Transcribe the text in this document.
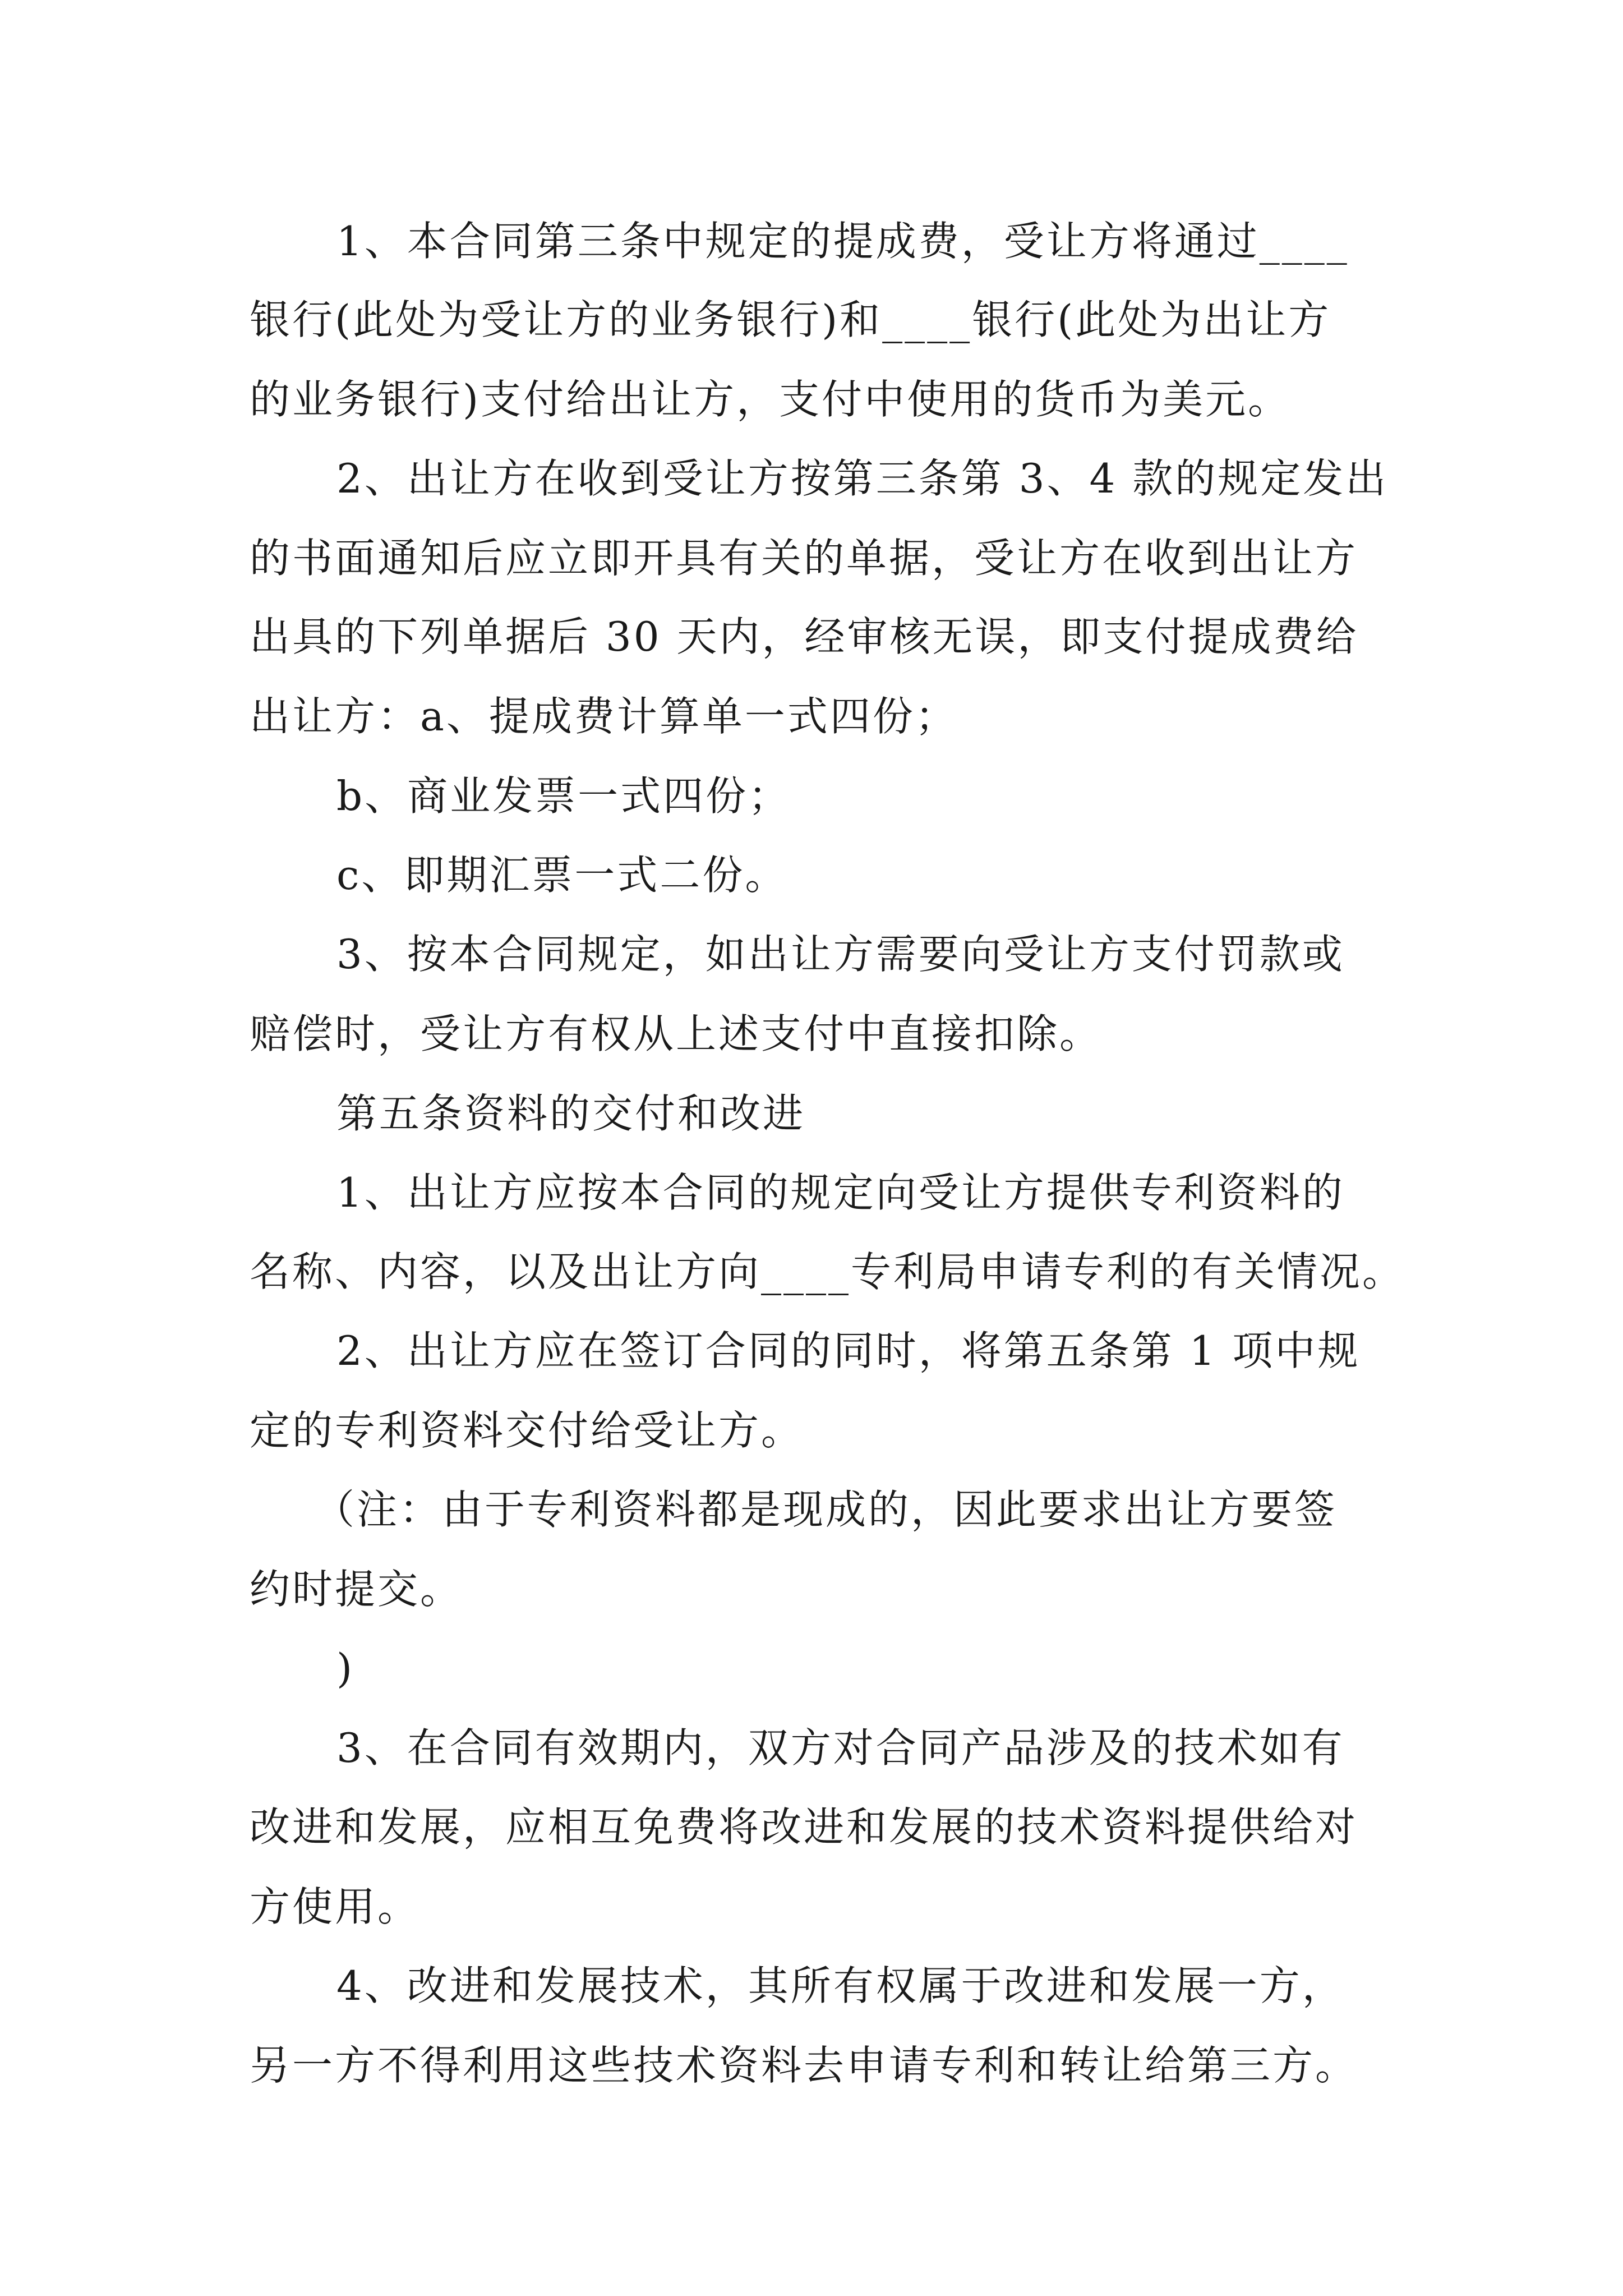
1、本合同第三条中规定的提成费，受让方将通过____

银行(此处为受让方的业务银行)和____银行(此处为出让方

的业务银行)支付给出让方，支付中使用的货币为美元。

2、出让方在收到受让方按第三条第 3、4 款的规定发出

的书面通知后应立即开具有关的单据，受让方在收到出让方

出具的下列单据后 30 天内，经审核无误，即支付提成费给

出让方：a、提成费计算单一式四份；

b、商业发票一式四份；

c、即期汇票一式二份。

3、按本合同规定，如出让方需要向受让方支付罚款或

赔偿时，受让方有权从上述支付中直接扣除。

第五条资料的交付和改进

1、出让方应按本合同的规定向受让方提供专利资料的

名称、内容，以及出让方向____专利局申请专利的有关情况。

2、出让方应在签订合同的同时，将第五条第 1 项中规

定的专利资料交付给受让方。

（注：由于专利资料都是现成的，因此要求出让方要签

约时提交。

)

3、在合同有效期内，双方对合同产品涉及的技术如有

改进和发展，应相互免费将改进和发展的技术资料提供给对

方使用。

4、改进和发展技术，其所有权属于改进和发展一方，

另一方不得利用这些技术资料去申请专利和转让给第三方。
